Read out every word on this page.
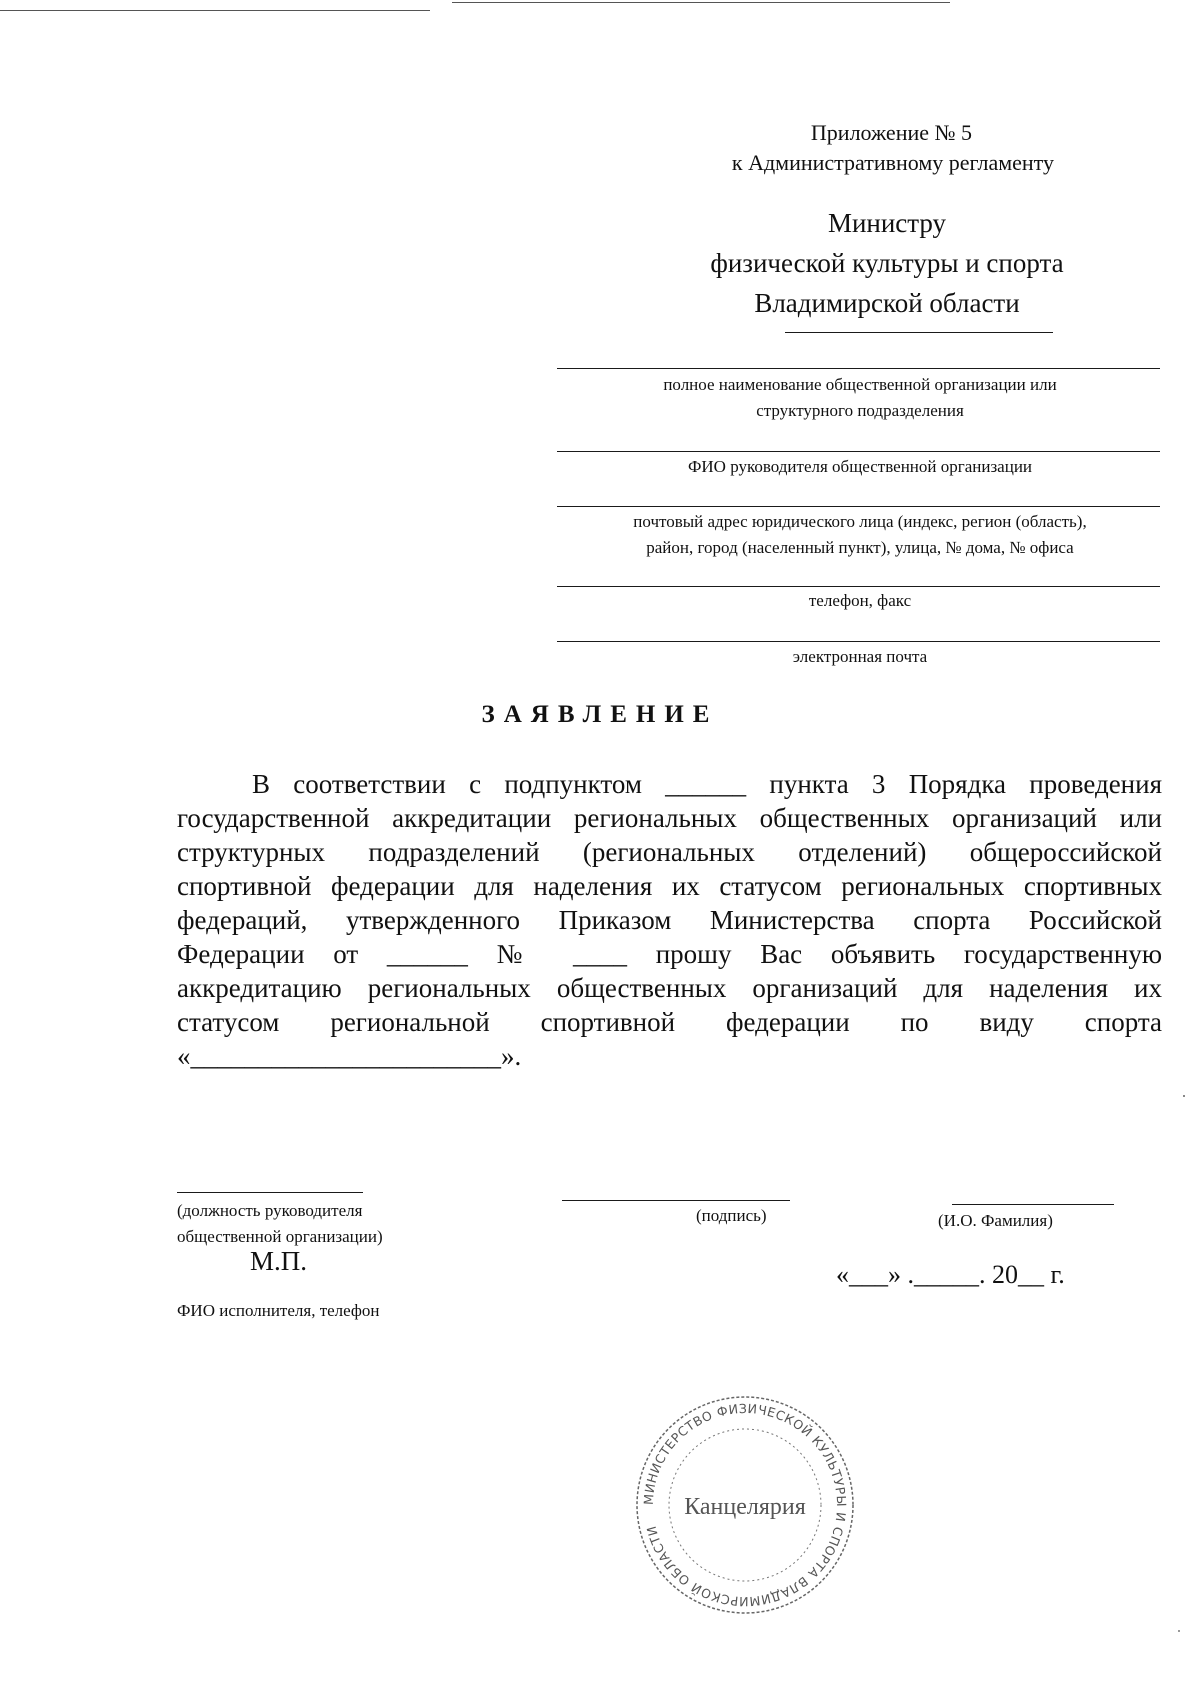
Приложение № 5
к Административному регламенту
Министру
физической культуры и спорта
Владимирской области
полное наименование общественной организации или
структурного подразделения
ФИО руководителя общественной организации
почтовый адрес юридического лица (индекс, регион (область),
район, город (населенный пункт), улица, № дома, № офиса
телефон, факс
электронная почта
ЗАЯВЛЕНИЕ
В соответствии с подпунктом ______ пункта 3 Порядка проведения
государственной аккредитации региональных общественных организаций или
структурных подразделений (региональных отделений) общероссийской
спортивной федерации для наделения их статусом региональных спортивных
федераций, утвержденного Приказом Министерства спорта Российской
Федерации от ______ № ____ прошу Вас объявить государственную
аккредитацию региональных общественных организаций для наделения их
статусом региональной спортивной федерации по виду спорта
«_______________________».
(должность руководителя
общественной организации)
(подпись)	(И.О. Фамилия)
М.П.	«___» ._____. 20__ г.
ФИО исполнителя, телефон
МИНИСТЕРСТВО ФИЗИЧЕСКОЙ КУЛЬТУРЫ И СПОРТА ВЛАДИМИРСКОЙ ОБЛАСТИ
Канцелярия
